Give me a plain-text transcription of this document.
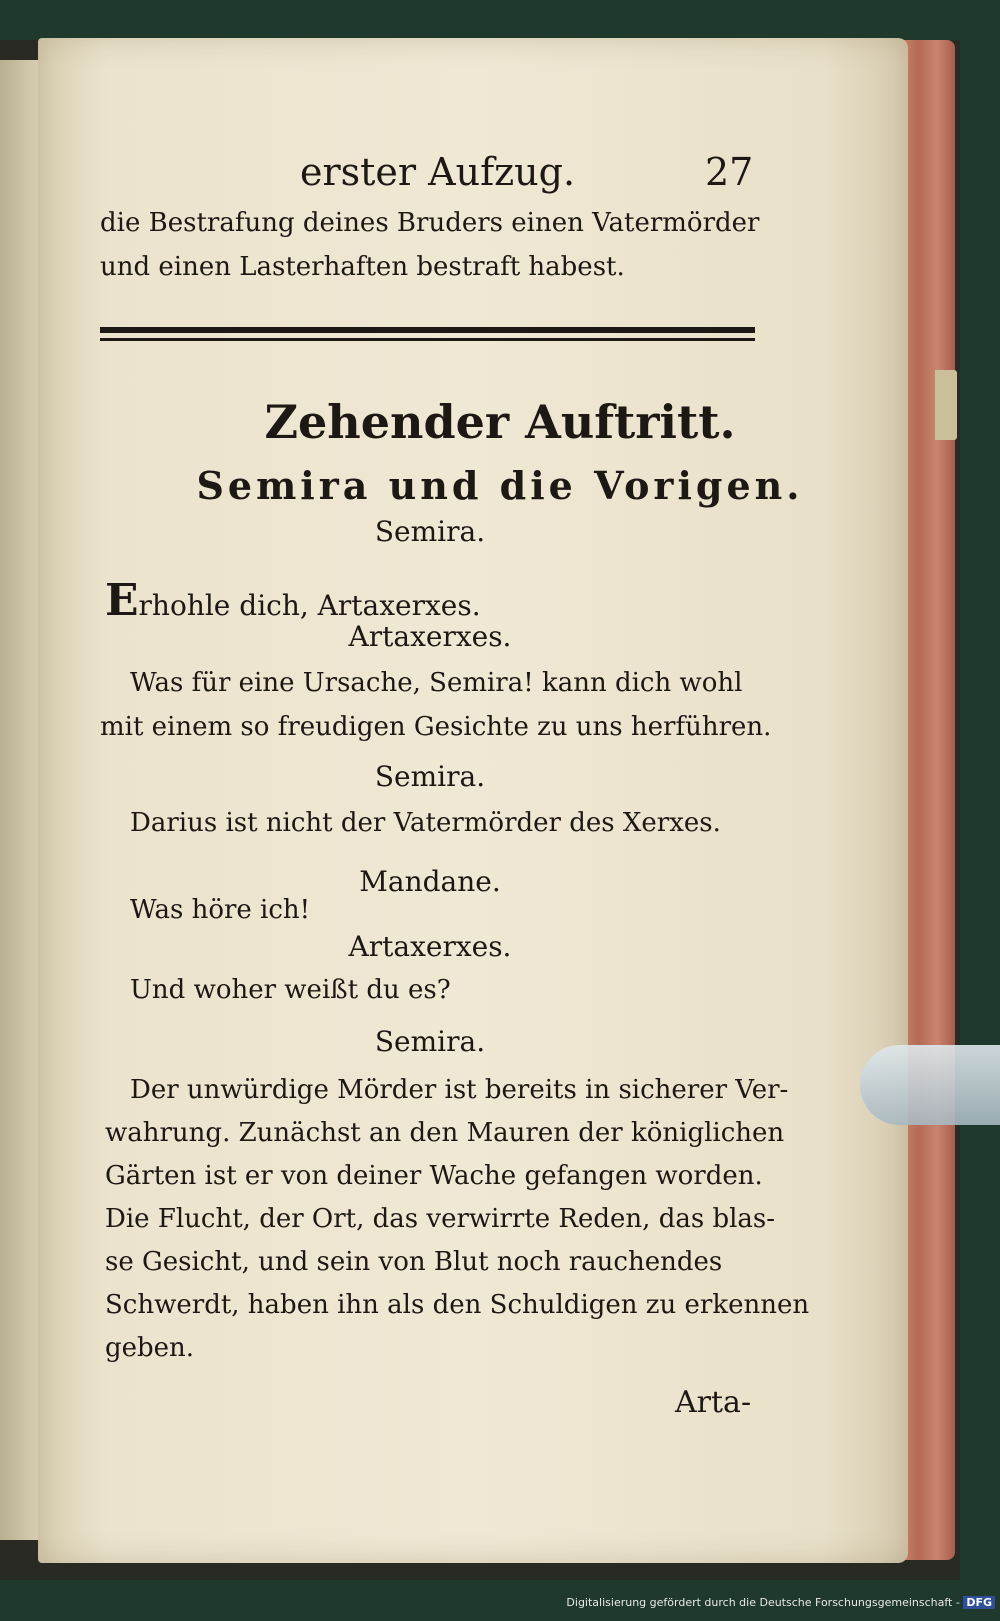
erster Aufzug.	27
die Bestrafung deines Bruders einen Vatermörder
und einen Lasterhaften bestraft habest.
Zehender Auftritt.
Semira und die Vorigen.
Semira.
Erhohle dich, Artaxerxes.
Artaxerxes.
Was für eine Ursache, Semira! kann dich wohl
mit einem so freudigen Gesichte zu uns herführen.
Semira.
Darius ist nicht der Vatermörder des Xerxes.
Mandane.
Was höre ich!
Artaxerxes.
Und woher weißt du es?
Semira.
Der unwürdige Mörder ist bereits in sicherer Ver-
wahrung. Zunächst an den Mauren der königlichen
Gärten ist er von deiner Wache gefangen worden.
Die Flucht, der Ort, das verwirrte Reden, das blas-
se Gesicht, und sein von Blut noch rauchendes
Schwerdt, haben ihn als den Schuldigen zu erkennen
geben.
Arta-
Digitalisierung gefördert durch die Deutsche Forschungsgemeinschaft - DFG
